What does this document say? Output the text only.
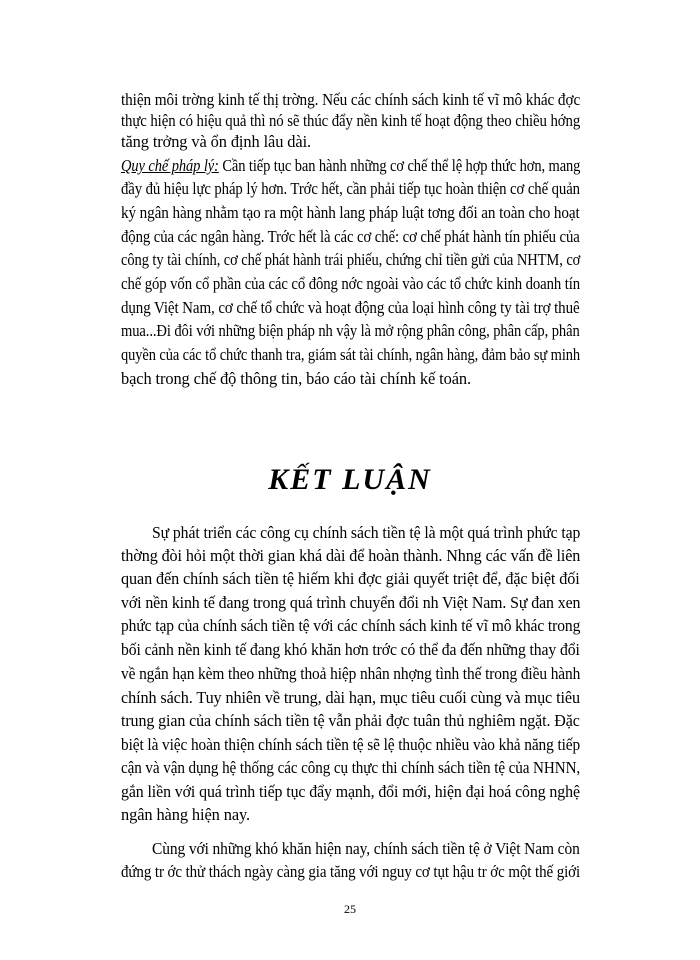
thiện môi trờng kinh tế thị trờng. Nếu các chính sách kinh tế vĩ mô khác đợc
thực hiện có hiệu quả thì nó sẽ thúc đẩy nền kinh tế hoạt động theo chiều hớng
tăng trởng và ổn định lâu dài.
Quy chế pháp lý: Cần tiếp tục ban hành những cơ chế thể lệ hợp thức hơn, mang
đầy đủ hiệu lực pháp lý hơn. Trớc hết, cần phải tiếp tục hoàn thiện cơ chế quản
ký ngân hàng nhằm tạo ra một hành lang pháp luật tơng đối an toàn cho hoạt
động của các ngân hàng. Trớc hết là các cơ chế: cơ chế phát hành tín phiếu của
công ty tài chính, cơ chế phát hành trái phiếu, chứng chỉ tiền gửi của NHTM, cơ
chế góp vốn cổ phần của các cổ đông nớc ngoài vào các tổ chức kinh doanh tín
dụng Việt Nam, cơ chế tổ chức và hoạt động của loại hình công ty tài trợ thuê
mua...Đi đôi với những biện pháp nh vậy là mở rộng phân công, phân cấp, phân
quyền của các tổ chức thanh tra, giám sát tài chính, ngân hàng, đảm bảo sự minh
bạch trong chế độ thông tin, báo cáo tài chính kế toán.
KẾT LUẬN
Sự phát triển các công cụ chính sách tiền tệ là một quá trình phức tạp
thờng đòi hỏi một thời gian khá dài để hoàn thành. Nhng các vấn đề liên
quan đến chính sách tiền tệ hiếm khi đợc giải quyết triệt để, đặc biệt đối
với nền kinh tế đang trong quá trình chuyển đổi nh Việt Nam. Sự đan xen
phức tạp của chính sách tiền tệ với các chính sách kinh tế vĩ mô khác trong
bối cảnh nền kinh tế đang khó khăn hơn trớc có thể đa đến những thay đổi
về ngắn hạn kèm theo những thoả hiệp nhân nhợng tình thế trong điều hành
chính sách. Tuy nhiên về trung, dài hạn, mục tiêu cuối cùng và mục tiêu
trung gian của chính sách tiền tệ vẫn phải đợc tuân thủ nghiêm ngặt. Đặc
biệt là việc hoàn thiện chính sách tiền tệ sẽ lệ thuộc nhiều vào khả năng tiếp
cận và vận dụng hệ thống các công cụ thực thi chính sách tiền tệ của NHNN,
gắn liền với quá trình tiếp tục đẩy mạnh, đổi mới, hiện đại hoá công nghệ
ngân hàng hiện nay.
Cùng với những khó khăn hiện nay, chính sách tiền tệ ở Việt Nam còn
đứng tr ớc thử thách ngày càng gia tăng với nguy cơ tụt hậu tr ớc một thế giới
25
